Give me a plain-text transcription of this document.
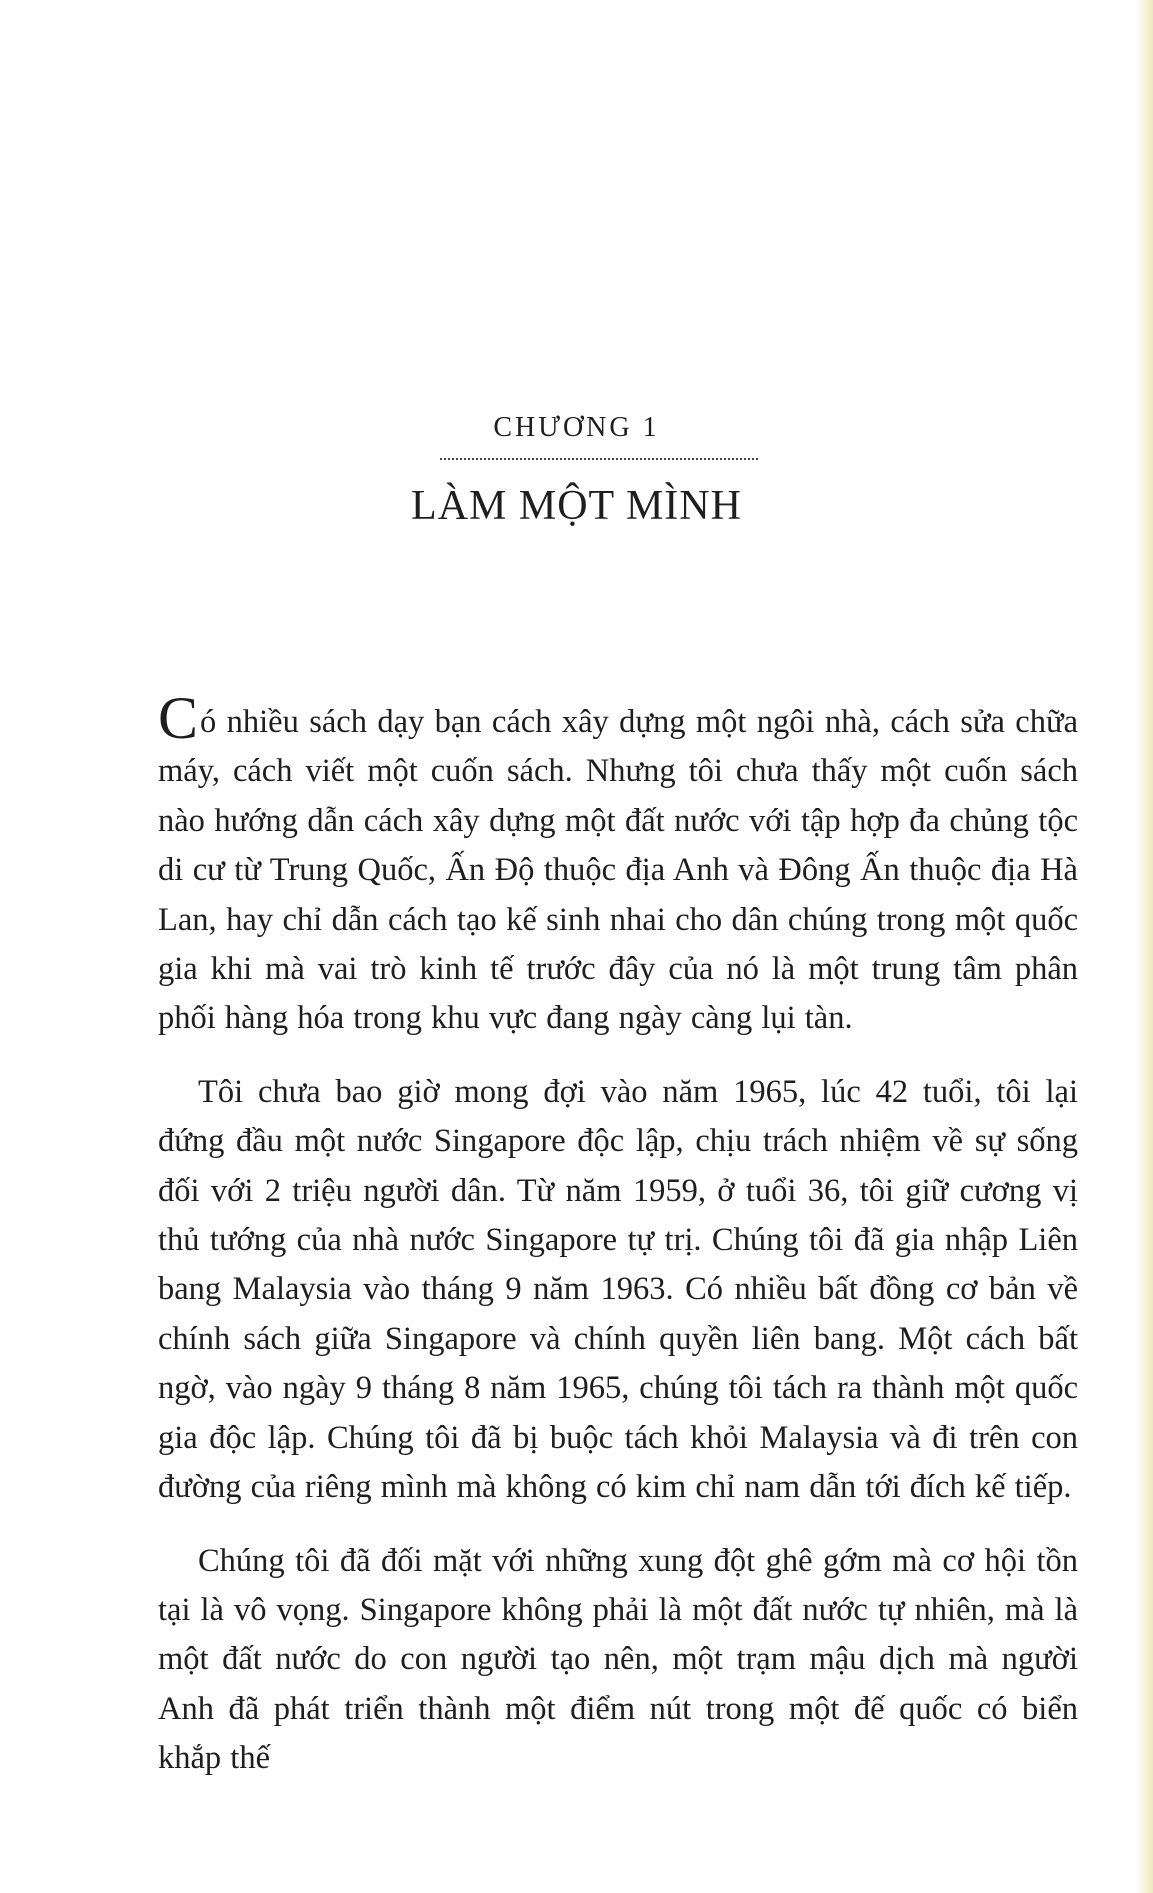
CHƯƠNG 1
LÀM MỘT MÌNH

Có nhiều sách dạy bạn cách xây dựng một ngôi nhà, cách sửa chữa máy, cách viết một cuốn sách. Nhưng tôi chưa thấy một cuốn sách nào hướng dẫn cách xây dựng một đất nước với tập hợp đa chủng tộc di cư từ Trung Quốc, Ấn Độ thuộc địa Anh và Đông Ấn thuộc địa Hà Lan, hay chỉ dẫn cách tạo kế sinh nhai cho dân chúng trong một quốc gia khi mà vai trò kinh tế trước đây của nó là một trung tâm phân phối hàng hóa trong khu vực đang ngày càng lụi tàn.

Tôi chưa bao giờ mong đợi vào năm 1965, lúc 42 tuổi, tôi lại đứng đầu một nước Singapore độc lập, chịu trách nhiệm về sự sống đối với 2 triệu người dân. Từ năm 1959, ở tuổi 36, tôi giữ cương vị thủ tướng của nhà nước Singapore tự trị. Chúng tôi đã gia nhập Liên bang Malaysia vào tháng 9 năm 1963. Có nhiều bất đồng cơ bản về chính sách giữa Singapore và chính quyền liên bang. Một cách bất ngờ, vào ngày 9 tháng 8 năm 1965, chúng tôi tách ra thành một quốc gia độc lập. Chúng tôi đã bị buộc tách khỏi Malaysia và đi trên con đường của riêng mình mà không có kim chỉ nam dẫn tới đích kế tiếp.

Chúng tôi đã đối mặt với những xung đột ghê gớm mà cơ hội tồn tại là vô vọng. Singapore không phải là một đất nước tự nhiên, mà là một đất nước do con người tạo nên, một trạm mậu dịch mà người Anh đã phát triển thành một điểm nút trong một đế quốc có biển khắp thế
